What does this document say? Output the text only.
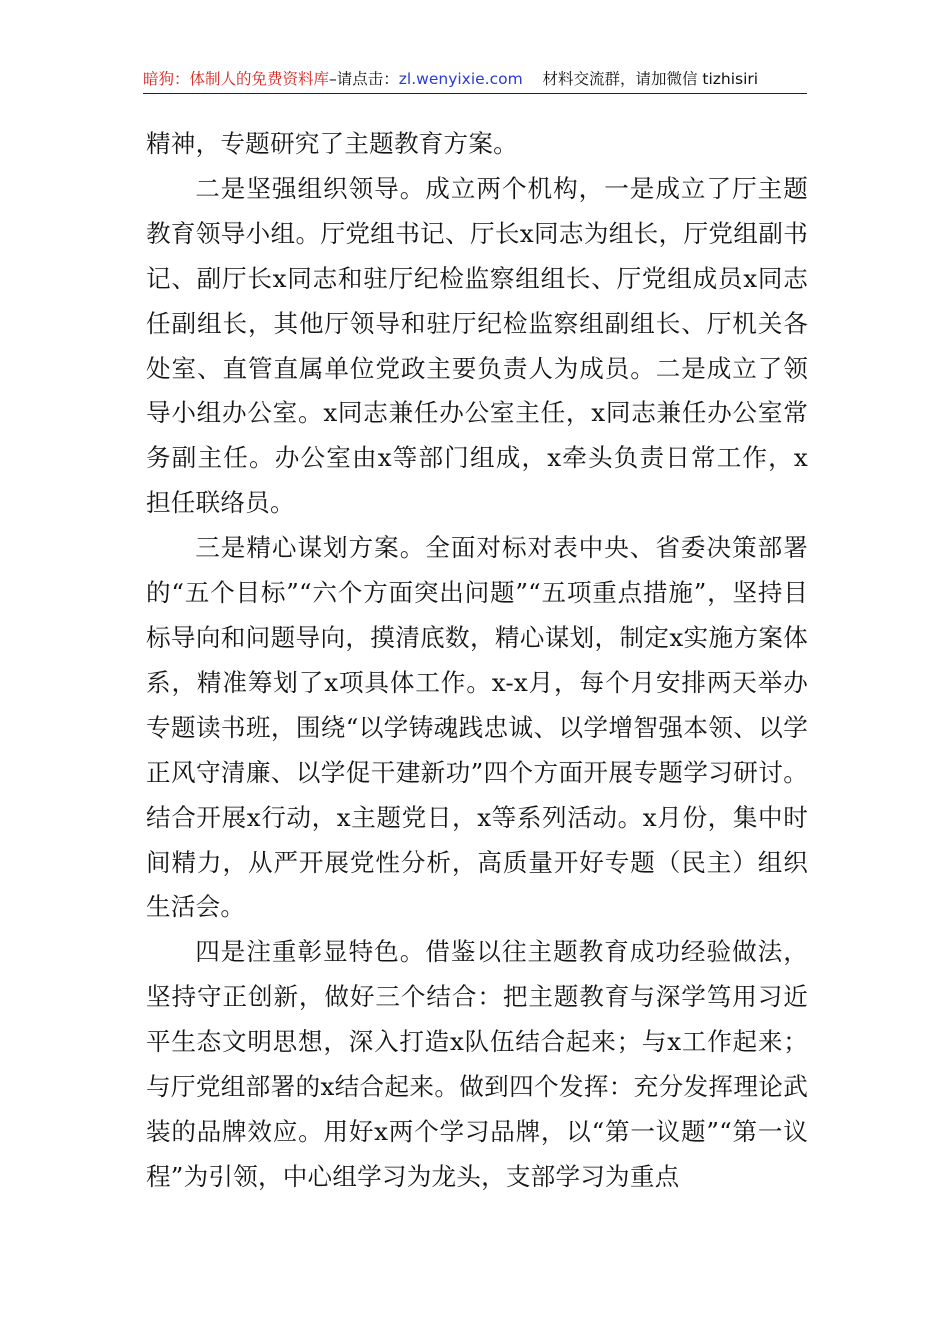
暗狗：体制人的免费资料库–请点击：zl.wenyixie.com 材料交流群，请加微信 tizhisiri

精神，专题研究了主题教育方案。

二是坚强组织领导。成立两个机构，一是成立了厅主题教育领导小组。厅党组书记、厅长x同志为组长，厅党组副书记、副厅长x同志和驻厅纪检监察组组长、厅党组成员x同志任副组长，其他厅领导和驻厅纪检监察组副组长、厅机关各处室、直管直属单位党政主要负责人为成员。二是成立了领导小组办公室。x同志兼任办公室主任，x同志兼任办公室常务副主任。办公室由x等部门组成，x牵头负责日常工作，x担任联络员。

三是精心谋划方案。全面对标对表中央、省委决策部署的“五个目标”“六个方面突出问题”“五项重点措施”，坚持目标导向和问题导向，摸清底数，精心谋划，制定x实施方案体系，精准筹划了x项具体工作。x-x月，每个月安排两天举办专题读书班，围绕“以学铸魂践忠诚、以学增智强本领、以学正风守清廉、以学促干建新功”四个方面开展专题学习研讨。结合开展x行动，x主题党日，x等系列活动。x月份，集中时间精力，从严开展党性分析，高质量开好专题（民主）组织生活会。

四是注重彰显特色。借鉴以往主题教育成功经验做法，坚持守正创新，做好三个结合：把主题教育与深学笃用习近平生态文明思想，深入打造x队伍结合起来；与x工作起来；与厅党组部署的x结合起来。做到四个发挥：充分发挥理论武装的品牌效应。用好x两个学习品牌，以“第一议题”“第一议程”为引领，中心组学习为龙头，支部学习为重点
